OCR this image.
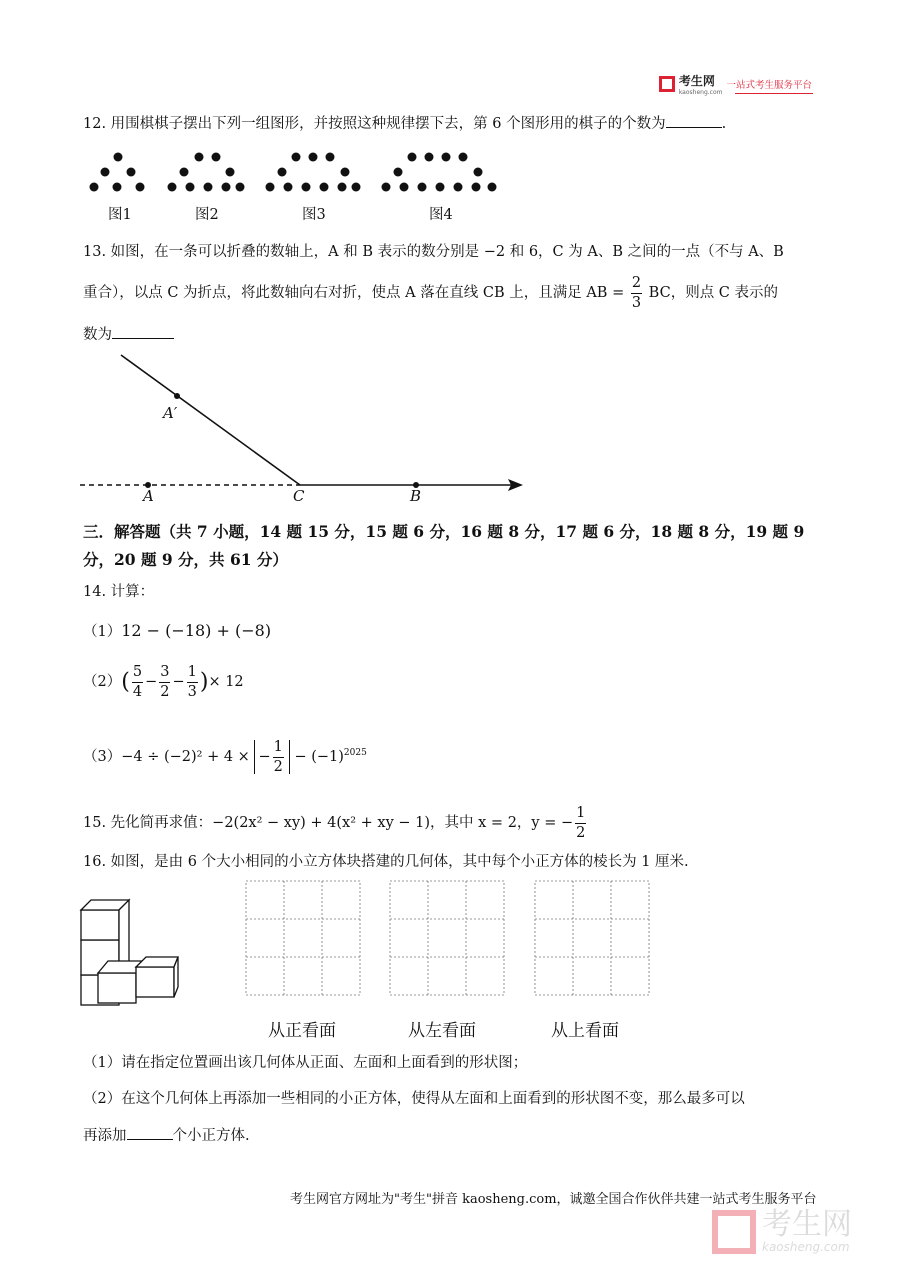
考生网
kaosheng.com
一站式考生服务平台
12. 用围棋棋子摆出下列一组图形，并按照这种规律摆下去，第 6 个图形用的棋子的个数为	.
图1	图2	图3	图4
13. 如图，在一条可以折叠的数轴上，A 和 B 表示的数分别是 −2 和 6，C 为 A、B 之间的一点（不与 A、B
重合），以点 C 为折点，将此数轴向右对折，使点 A 落在直线 CB 上，且满足 AB = $\frac{2}{3}$ BC，则点 C 表示的
数为
A′
A	C	B
三．解答题（共 7 小题，14 题 15 分，15 题 6 分，16 题 8 分，17 题 6 分，18 题 8 分，19 题 9
分，20 题 9 分，共 61 分）
14. 计算：
（1）12 − (−18) + (−8)
$(2)( \frac{5}{4} - \frac{3}{2} - \frac{1}{3}$ )× 12
（3）−4 ÷ (−2)² + 4 × − $\frac{1}{2} - (-1)^{2025}$
15. 先化简再求值：−2(2x² − xy) + 4(x² + xy − 1)，其中 x = 2，y = − $\frac{1}{2}$
16. 如图，是由 6 个大小相同的小立方体块搭建的几何体，其中每个小正方体的棱长为 1 厘米.
从正看面	从左看面	从上看面
（1）请在指定位置画出该几何体从正面、左面和上面看到的形状图；
（2）在这个几何体上再添加一些相同的小正方体，使得从左面和上面看到的形状图不变，那么最多可以
再添加	个小正方体.
考生网官方网址为"考生"拼音 kaosheng.com，诚邀全国合作伙伴共建一站式考生服务平台
考生网
kaosheng.com
